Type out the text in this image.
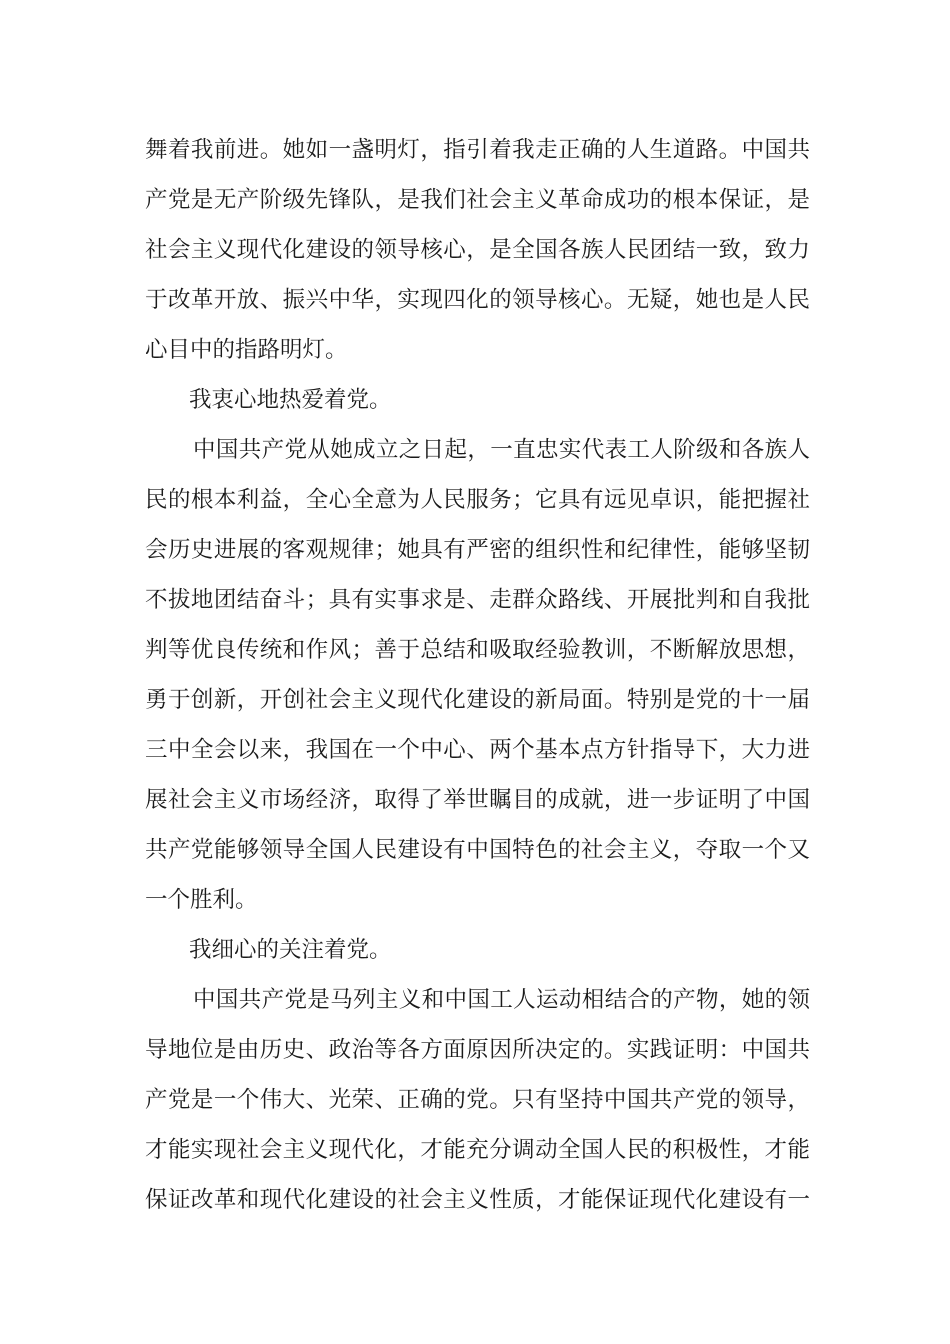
舞着我前进。她如一盏明灯，指引着我走正确的人生道路。中国共
产党是无产阶级先锋队，是我们社会主义革命成功的根本保证，是
社会主义现代化建设的领导核心，是全国各族人民团结一致，致力
于改革开放、振兴中华，实现四化的领导核心。无疑，她也是人民
心目中的指路明灯。
我衷心地热爱着党。
中国共产党从她成立之日起，一直忠实代表工人阶级和各族人
民的根本利益，全心全意为人民服务；它具有远见卓识，能把握社
会历史进展的客观规律；她具有严密的组织性和纪律性，能够坚韧
不拔地团结奋斗；具有实事求是、走群众路线、开展批判和自我批
判等优良传统和作风；善于总结和吸取经验教训，不断解放思想，
勇于创新，开创社会主义现代化建设的新局面。特别是党的十一届
三中全会以来，我国在一个中心、两个基本点方针指导下，大力进
展社会主义市场经济，取得了举世瞩目的成就，进一步证明了中国
共产党能够领导全国人民建设有中国特色的社会主义，夺取一个又
一个胜利。
我细心的关注着党。
中国共产党是马列主义和中国工人运动相结合的产物，她的领
导地位是由历史、政治等各方面原因所决定的。实践证明：中国共
产党是一个伟大、光荣、正确的党。只有坚持中国共产党的领导，
才能实现社会主义现代化，才能充分调动全国人民的积极性，才能
保证改革和现代化建设的社会主义性质，才能保证现代化建设有一
